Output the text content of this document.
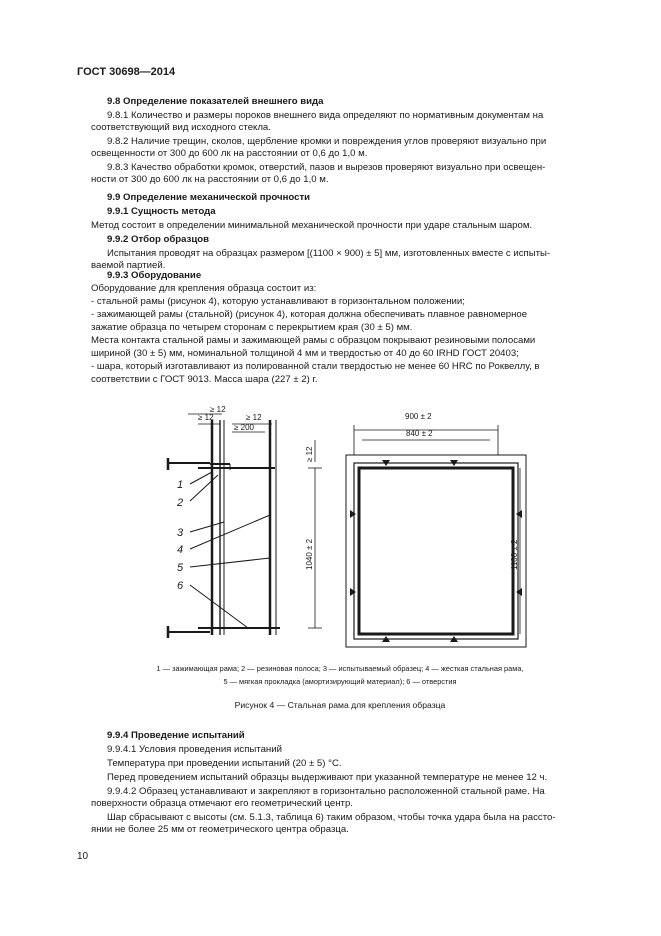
ГОСТ 30698—2014
9.8 Определение показателей внешнего вида
9.8.1 Количество и размеры пороков внешнего вида определяют по нормативным документам на
соответствующий вид исходного стекла.
9.8.2 Наличие трещин, сколов, щербление кромки и повреждения углов проверяют визуально при
освещенности от 300 до 600 лк на расстоянии от 0,6 до 1,0 м.
9.8.3 Качество обработки кромок, отверстий, пазов и вырезов проверяют визуально при освещен-
ности от 300 до 600 лк на расстоянии от 0,6 до 1,0 м.
9.9 Определение механической прочности
9.9.1 Сущность метода
Метод состоит в определении минимальной механической прочности при ударе стальным шаром.
9.9.2 Отбор образцов
Испытания проводят на образцах размером [(1100 × 900) ± 5] мм, изготовленных вместе с испыты-
ваемой партией.
9.9.3 Оборудование
Оборудование для крепления образца состоит из:
- стальной рамы (рисунок 4), которую устанавливают в горизонтальном положении;
- зажимающей рамы (стальной) (рисунок 4), которая должна обеспечивать плавное равномерное
зажатие образца по четырем сторонам с перекрытием края (30 ± 5) мм.
Места контакта стальной рамы и зажимающей рамы с образцом покрывают резиновыми полосами
шириной (30 ± 5) мм, номинальной толщиной 4 мм и твердостью от 40 до 60 IRHD ГОСТ 20403;
- шара, который изготавливают из полированной стали твердостью не менее 60 HRC по Роквеллу, в
соответствии с ГОСТ 9013. Масса шара (227 ± 2) г.
≥ 12
≥ 12	≥ 12
≥ 200
≥ 12
1040 ± 2
900 ± 2
840 ± 2
1100 ± 2
1
2
3
4
5
6
1 — зажимающая рама; 2 — резиновая полоса; 3 — испытываемый образец; 4 — жесткая стальная рама,
5 — мягкая прокладка (амортизирующий материал); 6 — отверстия
Рисунок 4 — Стальная рама для крепления образца
9.9.4 Проведение испытаний
9.9.4.1 Условия проведения испытаний
Температура при проведении испытаний (20 ± 5) °С.
Перед проведением испытаний образцы выдерживают при указанной температуре не менее 12 ч.
9.9.4.2 Образец устанавливают и закрепляют в горизонтально расположенной стальной раме. На
поверхности образца отмечают его геометрический центр.
Шар сбрасывают с высоты (см. 5.1.3, таблица 6) таким образом, чтобы точка удара была на рассто-
янии не более 25 мм от геометрического центра образца.
10
